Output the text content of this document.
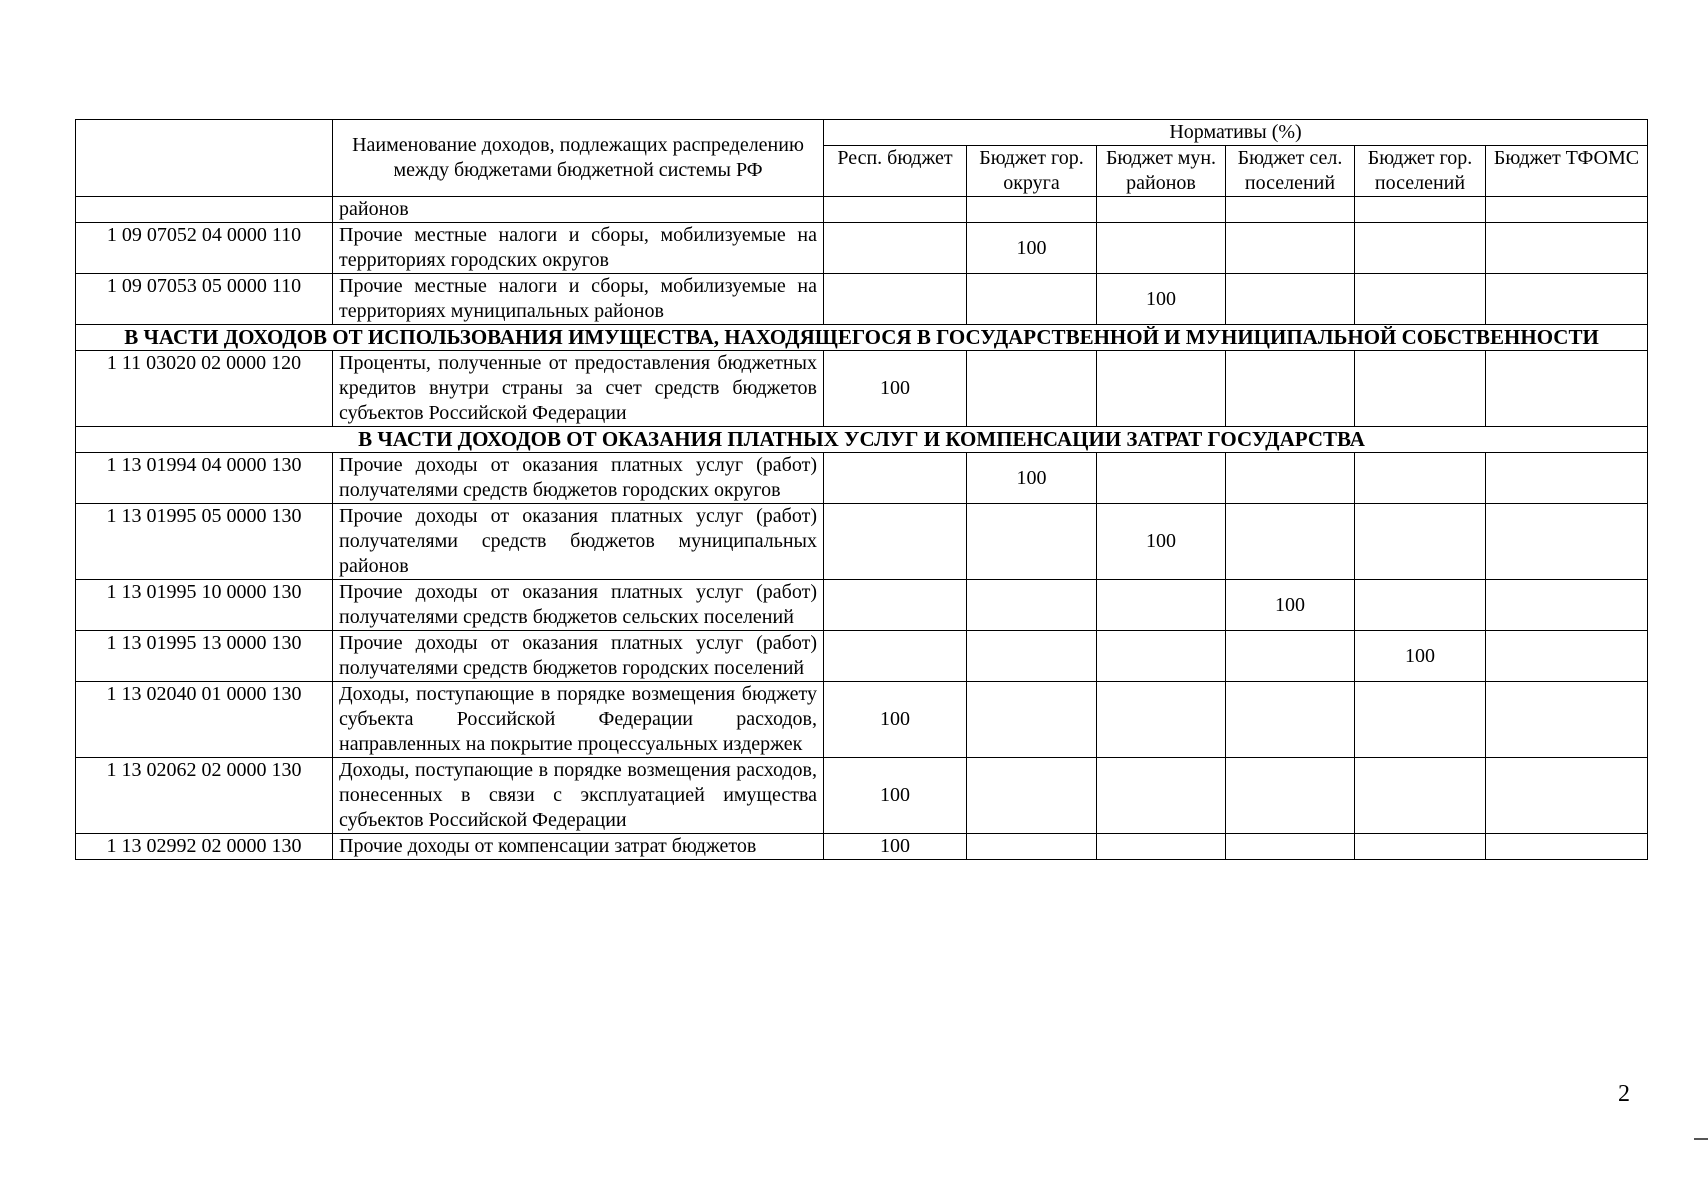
	Наименование доходов, подлежащих распределению между бюджетами бюджетной системы РФ	Нормативы (%)					
		Респ. бюджет	Бюджет гор. округа	Бюджет мун. районов	Бюджет сел. поселений	Бюджет гор. поселений	Бюджет ТФОМС
	районов						
1 09 07052 04 0000 110	Прочие местные налоги и сборы, мобилизуемые на территориях городских округов		100				
1 09 07053 05 0000 110	Прочие местные налоги и сборы, мобилизуемые на территориях муниципальных районов			100			
В ЧАСТИ ДОХОДОВ ОТ ИСПОЛЬЗОВАНИЯ ИМУЩЕСТВА, НАХОДЯЩЕГОСЯ В ГОСУДАРСТВЕННОЙ И МУНИЦИПАЛЬНОЙ СОБСТВЕННОСТИ							
1 11 03020 02 0000 120	Проценты, полученные от предоставления бюджетных кредитов внутри страны за счет средств бюджетов субъектов Российской Федерации	100					
В ЧАСТИ ДОХОДОВ ОТ ОКАЗАНИЯ ПЛАТНЫХ УСЛУГ И КОМПЕНСАЦИИ ЗАТРАТ ГОСУДАРСТВА							
1 13 01994 04 0000 130	Прочие доходы от оказания платных услуг (работ) получателями средств бюджетов городских округов		100				
1 13 01995 05 0000 130	Прочие доходы от оказания платных услуг (работ) получателями средств бюджетов муниципальных районов			100			
1 13 01995 10 0000 130	Прочие доходы от оказания платных услуг (работ) получателями средств бюджетов сельских поселений				100		
1 13 01995 13 0000 130	Прочие доходы от оказания платных услуг (работ) получателями средств бюджетов городских поселений					100	
1 13 02040 01 0000 130	Доходы, поступающие в порядке возмещения бюджету субъекта Российской Федерации расходов, направленных на покрытие процессуальных издержек	100					
1 13 02062 02 0000 130	Доходы, поступающие в порядке возмещения расходов, понесенных в связи с эксплуатацией имущества субъектов Российской Федерации	100					
1 13 02992 02 0000 130	Прочие доходы от компенсации затрат бюджетов	100					
2
